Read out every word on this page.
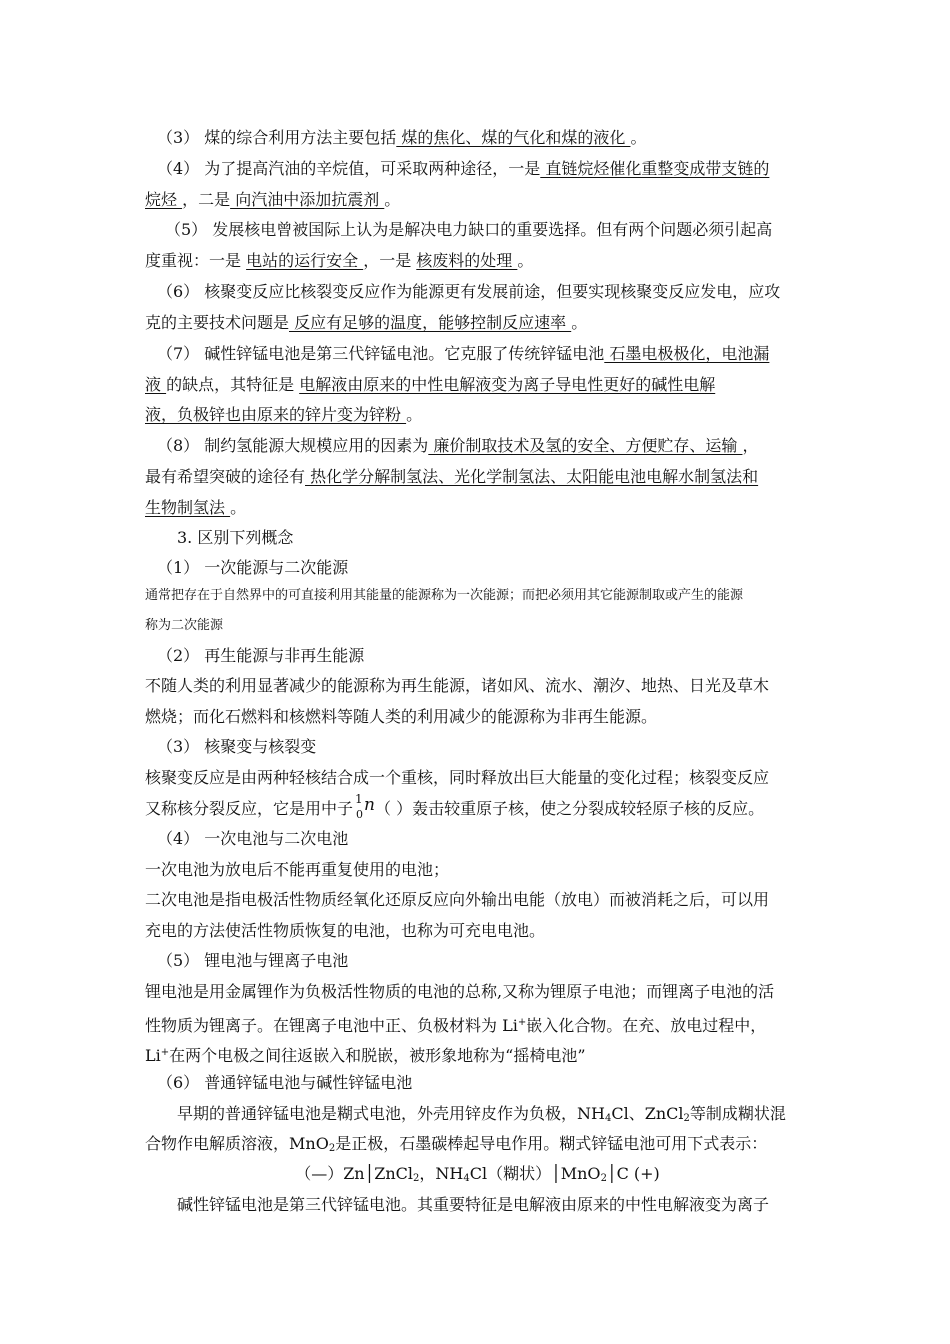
（3） 煤的综合利用方法主要包括 煤的焦化、煤的气化和煤的液化 。
（4） 为了提高汽油的辛烷值，可采取两种途径，一是 直链烷烃催化重整变成带支链的
烷烃 ，二是 向汽油中添加抗震剂 。
（5） 发展核电曾被国际上认为是解决电力缺口的重要选择。但有两个问题必须引起高
度重视：一是 电站的运行安全 ，一是 核废料的处理 。
（6） 核聚变反应比核裂变反应作为能源更有发展前途，但要实现核聚变反应发电，应攻
克的主要技术问题是 反应有足够的温度，能够控制反应速率 。
（7） 碱性锌锰电池是第三代锌锰电池。它克服了传统锌锰电池 石墨电极极化，电池漏
液 的缺点，其特征是 电解液由原来的中性电解液变为离子导电性更好的碱性电解
液，负极锌也由原来的锌片变为锌粉 。
（8） 制约氢能源大规模应用的因素为 廉价制取技术及氢的安全、方便贮存、运输 ，
最有希望突破的途径有 热化学分解制氢法、光化学制氢法、太阳能电池电解水制氢法和
生物制氢法 。
3. 区别下列概念
（1） 一次能源与二次能源
通常把存在于自然界中的可直接利用其能量的能源称为一次能源；而把必须用其它能源制取或产生的能源
称为二次能源
（2） 再生能源与非再生能源
不随人类的利用显著减少的能源称为再生能源，诸如风、流水、潮汐、地热、日光及草木
燃烧；而化石燃料和核燃料等随人类的利用减少的能源称为非再生能源。
（3） 核聚变与核裂变
核聚变反应是由两种轻核结合成一个重核，同时释放出巨大能量的变化过程；核裂变反应
又称核分裂反应，它是用中子 1
0 n （ ）轰击较重原子核，使之分裂成较轻原子核的反应。
（4） 一次电池与二次电池
一次电池为放电后不能再重复使用的电池；
二次电池是指电极活性物质经氧化还原反应向外输出电能（放电）而被消耗之后，可以用
充电的方法使活性物质恢复的电池，也称为可充电电池。
（5） 锂电池与锂离子电池
锂电池是用金属锂作为负极活性物质的电池的总称,又称为锂原子电池；而锂离子电池的活
性物质为锂离子。在锂离子电池中正、负极材料为 Li+嵌入化合物。在充、放电过程中，
Li+在两个电极之间往返嵌入和脱嵌，被形象地称为“摇椅电池”
（6） 普通锌锰电池与碱性锌锰电池
早期的普通锌锰电池是糊式电池，外壳用锌皮作为负极，$NH_4Cl$、ZnCl$_2$等制成糊状混
合物作电解质溶液，MnO$_2$是正极，石墨碳棒起导电作用。糊式锌锰电池可用下式表示：
（—）Zn│ZnCl$_2$，$NH_4Cl$（糊状）│MnO$_2$│C (+)
碱性锌锰电池是第三代锌锰电池。其重要特征是电解液由原来的中性电解液变为离子
